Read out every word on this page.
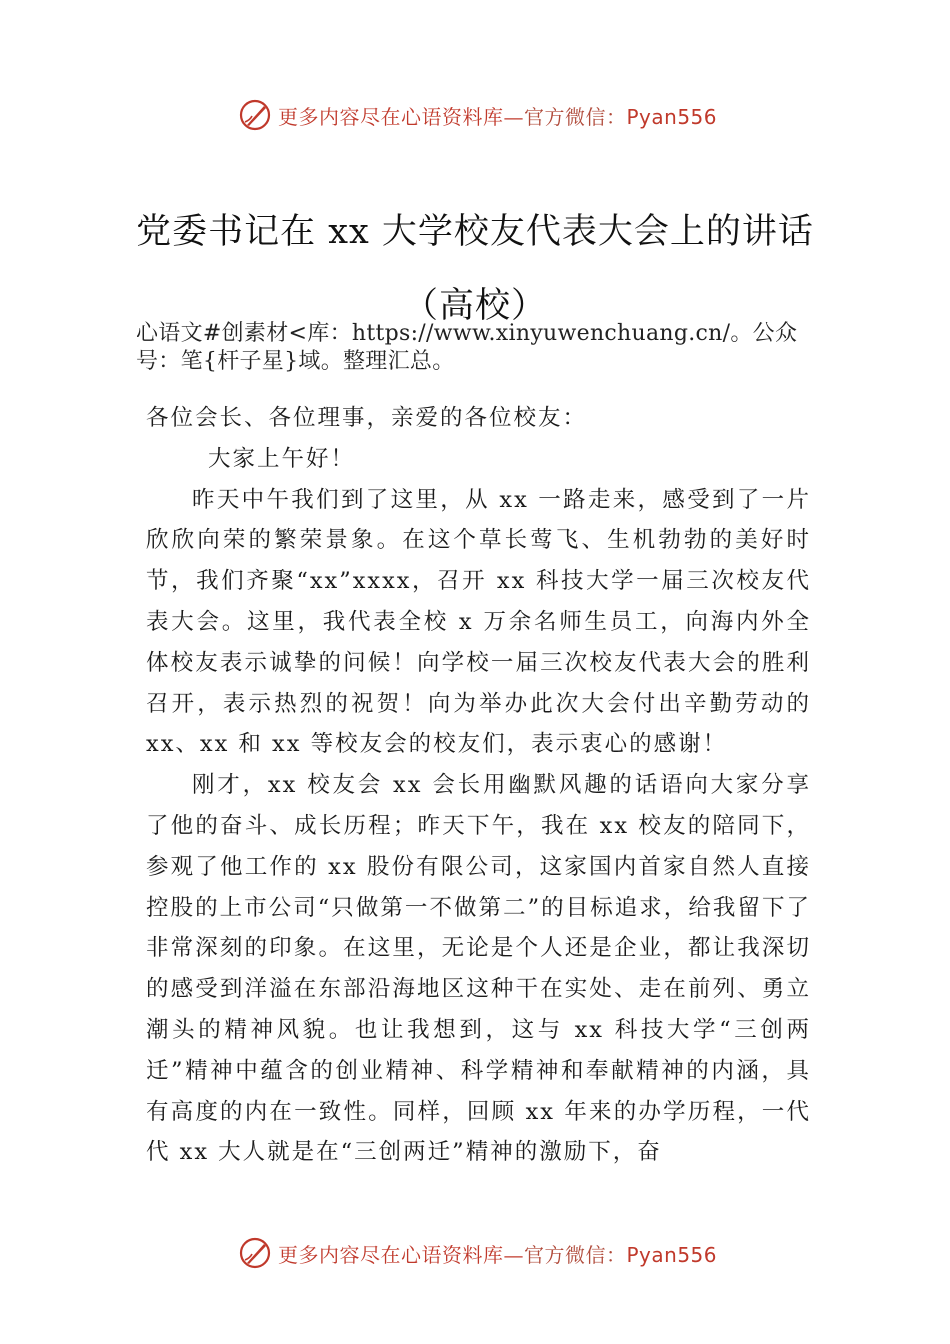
更多内容尽在心语资料库—官方微信：Pyan556
党委书记在 xx 大学校友代表大会上的讲话
（高校）
心语文#创素材<库：https://www.xinyuwenchuang.cn/。公众号：笔{杆子星}域。整理汇总。

各位会长、各位理事，亲爱的各位校友：

大家上午好！

昨天中午我们到了这里，从 xx 一路走来，感受到了一片欣欣向荣的繁荣景象。在这个草长莺飞、生机勃勃的美好时节，我们齐聚“xx”xxxx，召开 xx 科技大学一届三次校友代表大会。这里，我代表全校 x 万余名师生员工，向海内外全体校友表示诚挚的问候！向学校一届三次校友代表大会的胜利召开，表示热烈的祝贺！向为举办此次大会付出辛勤劳动的 xx、xx 和 xx 等校友会的校友们，表示衷心的感谢！

刚才，xx 校友会 xx 会长用幽默风趣的话语向大家分享了他的奋斗、成长历程；昨天下午，我在 xx 校友的陪同下，参观了他工作的 xx 股份有限公司，这家国内首家自然人直接控股的上市公司“只做第一不做第二”的目标追求，给我留下了非常深刻的印象。在这里，无论是个人还是企业，都让我深切的感受到洋溢在东部沿海地区这种干在实处、走在前列、勇立潮头的精神风貌。也让我想到，这与 xx 科技大学“三创两迁”精神中蕴含的创业精神、科学精神和奉献精神的内涵，具有高度的内在一致性。同样，回顾 xx 年来的办学历程，一代代 xx 大人就是在“三创两迁”精神的激励下，奋

更多内容尽在心语资料库—官方微信：Pyan556
